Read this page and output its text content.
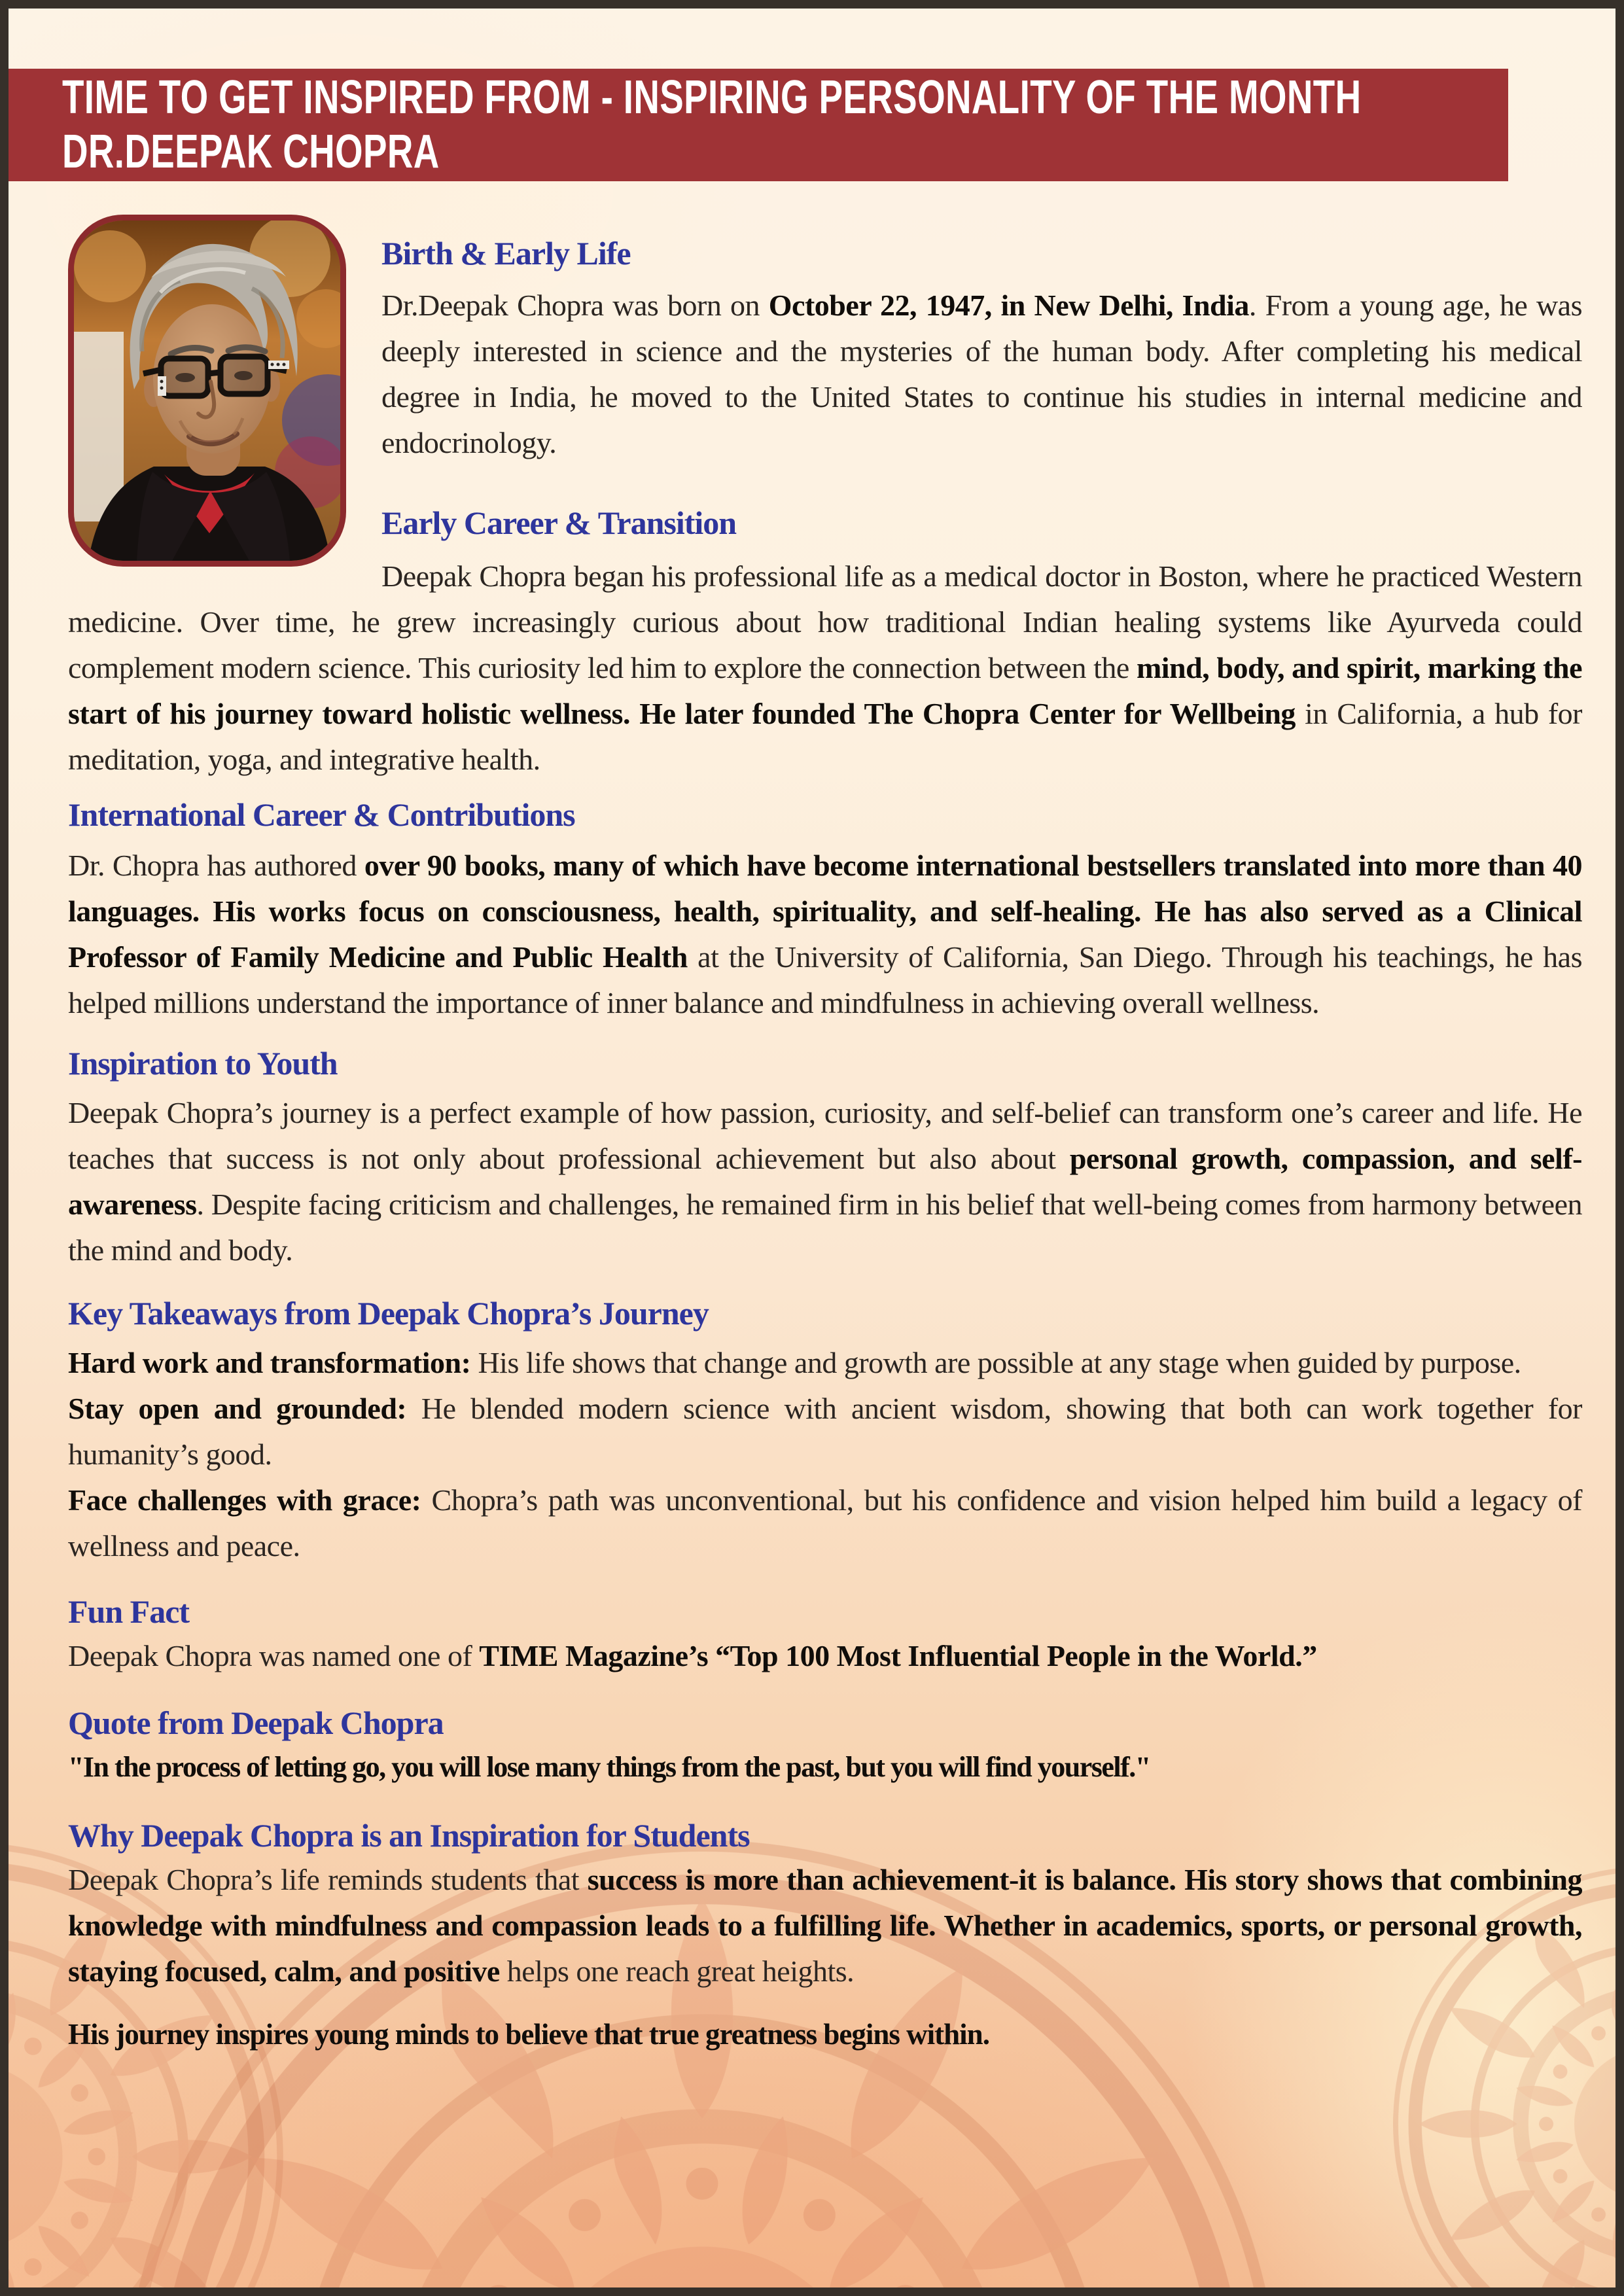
TIME TO GET INSPIRED FROM - INSPIRING PERSONALITY OF THE MONTH
DR.DEEPAK CHOPRA
Birth & Early Life

Dr.Deepak Chopra was born on October 22, 1947, in New Delhi, India. From a young age, he was deeply interested in science and the mysteries of the human body. After completing his medical degree in India, he moved to the United States to continue his studies in internal medicine and endocrinology.

Early Career & Transition

Deepak Chopra began his professional life as a medical doctor in Boston, where he practiced Western medicine. Over time, he grew increasingly curious about how traditional Indian healing systems like Ayurveda could complement modern science. This curiosity led him to explore the connection between the mind, body, and spirit, marking the start of his journey toward holistic wellness. He later founded The Chopra Center for Wellbeing in California, a hub for meditation, yoga, and integrative health.

International Career & Contributions

Dr. Chopra has authored over 90 books, many of which have become international bestsellers translated into more than 40 languages. His works focus on consciousness, health, spirituality, and self-healing. He has also served as a Clinical Professor of Family Medicine and Public Health at the University of California, San Diego. Through his teachings, he has helped millions understand the importance of inner balance and mindfulness in achieving overall wellness.

Inspiration to Youth

Deepak Chopra’s journey is a perfect example of how passion, curiosity, and self-belief can transform one’s career and life. He teaches that success is not only about professional achievement but also about personal growth, compassion, and self-awareness. Despite facing criticism and challenges, he remained firm in his belief that well-being comes from harmony between the mind and body.

Key Takeaways from Deepak Chopra’s Journey

Hard work and transformation: His life shows that change and growth are possible at any stage when guided by purpose.

Stay open and grounded: He blended modern science with ancient wisdom, showing that both can work together for humanity’s good.

Face challenges with grace: Chopra’s path was unconventional, but his confidence and vision helped him build a legacy of wellness and peace.

Fun Fact

Deepak Chopra was named one of TIME Magazine’s “Top 100 Most Influential People in the World.”

Quote from Deepak Chopra

"In the process of letting go, you will lose many things from the past, but you will find yourself."

Why Deepak Chopra is an Inspiration for Students

Deepak Chopra’s life reminds students that success is more than achievement-it is balance. His story shows that combining knowledge with mindfulness and compassion leads to a fulfilling life. Whether in academics, sports, or personal growth, staying focused, calm, and positive helps one reach great heights.

His journey inspires young minds to believe that true greatness begins within.
